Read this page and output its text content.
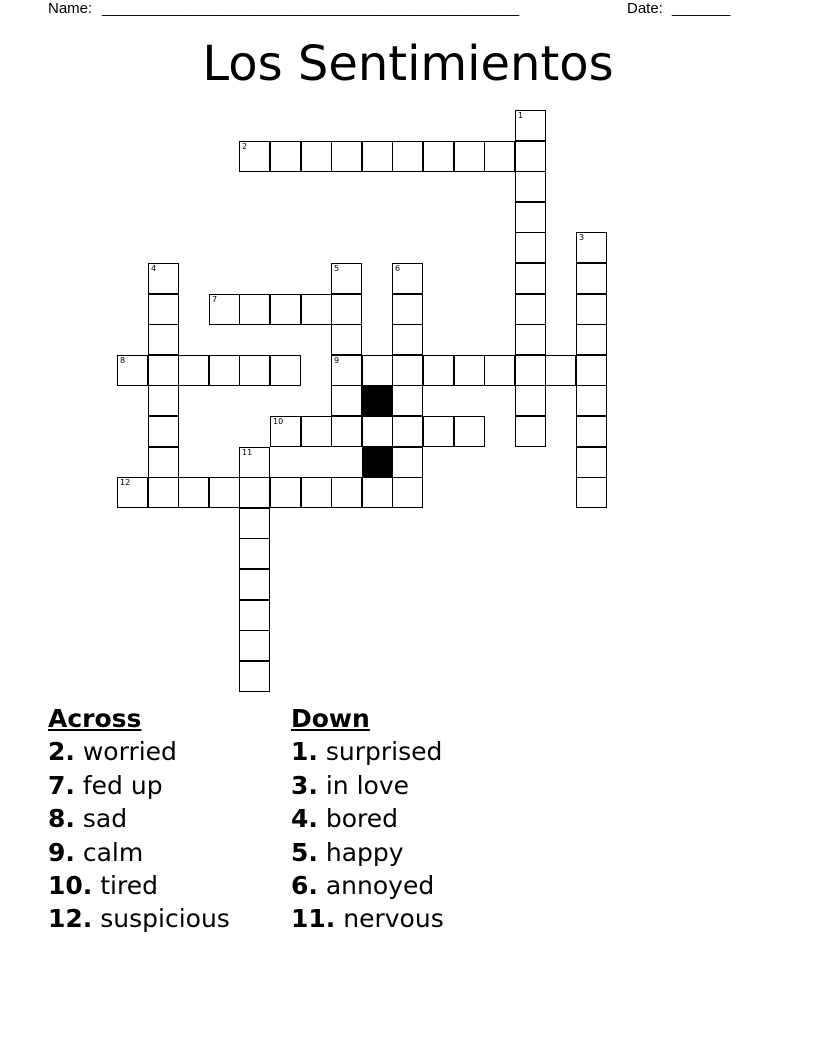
Name: __________________________________________________	Date: _______
Los Sentimientos
1
2
3
4	5
9
6
7
8
10
11
12
Across
2. worried
7. fed up
8. sad
9. calm
10. tired
12. suspicious
Down
1. surprised
3. in love
4. bored
5. happy
6. annoyed
11. nervous
